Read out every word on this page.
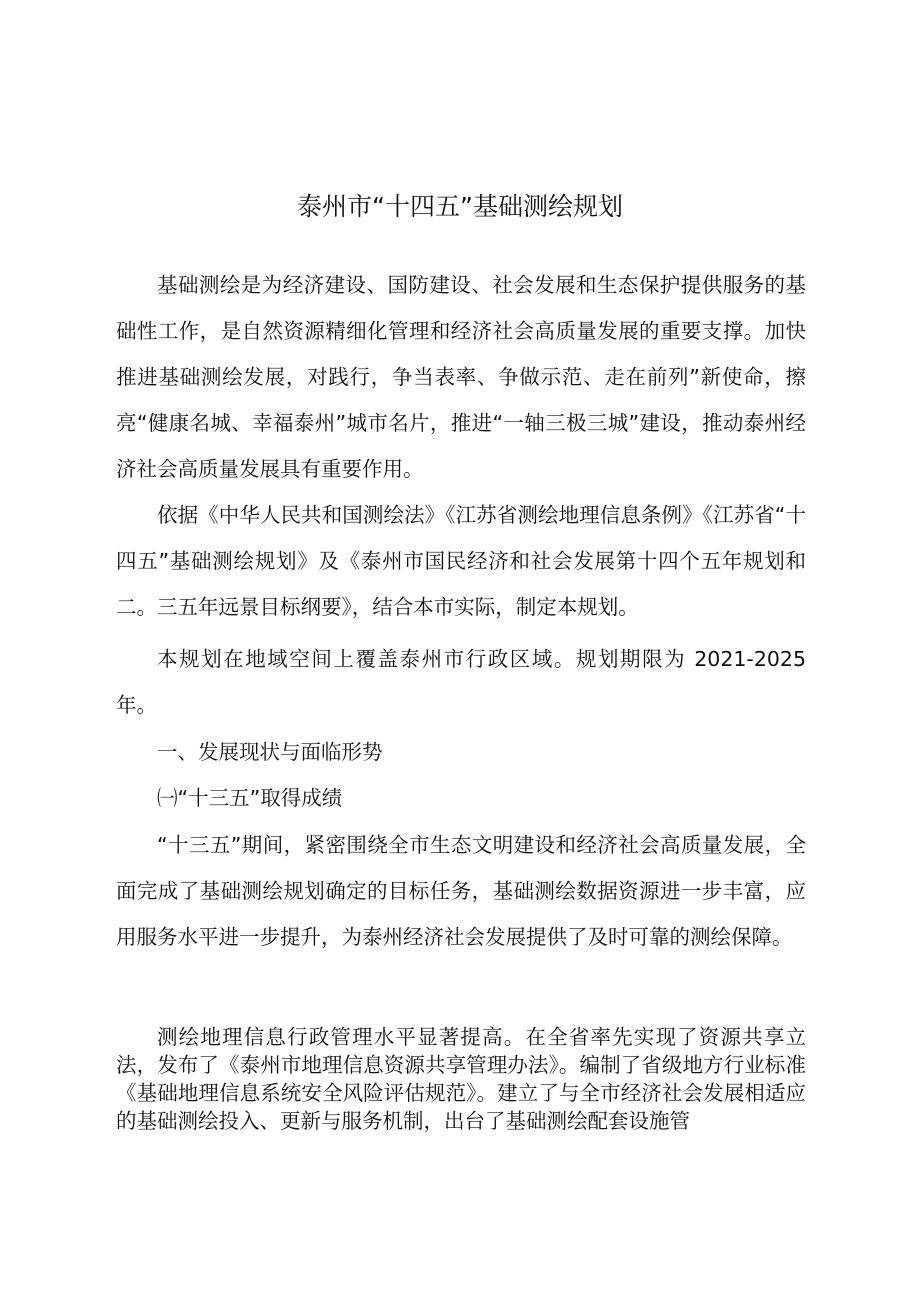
泰州市“十四五”基础测绘规划

基础测绘是为经济建设、国防建设、社会发展和生态保护提供服务的基础性工作，是自然资源精细化管理和经济社会高质量发展的重要支撑。加快推进基础测绘发展，对践行，争当表率、争做示范、走在前列”新使命，擦亮“健康名城、幸福泰州”城市名片，推进“一轴三极三城”建设，推动泰州经济社会高质量发展具有重要作用。

依据《中华人民共和国测绘法》《江苏省测绘地理信息条例》《江苏省“十四五”基础测绘规划》及《泰州市国民经济和社会发展第十四个五年规划和二。三五年远景目标纲要》，结合本市实际，制定本规划。

本规划在地域空间上覆盖泰州市行政区域。规划期限为 2021-2025 年。

一、发展现状与面临形势

㈠“十三五”取得成绩

“十三五”期间，紧密围绕全市生态文明建设和经济社会高质量发展，全面完成了基础测绘规划确定的目标任务，基础测绘数据资源进一步丰富，应用服务水平进一步提升，为泰州经济社会发展提供了及时可靠的测绘保障。

测绘地理信息行政管理水平显著提高。在全省率先实现了资源共享立法，发布了《泰州市地理信息资源共享管理办法》。编制了省级地方行业标准《基础地理信息系统安全风险评估规范》。建立了与全市经济社会发展相适应的基础测绘投入、更新与服务机制，出台了基础测绘配套设施管
